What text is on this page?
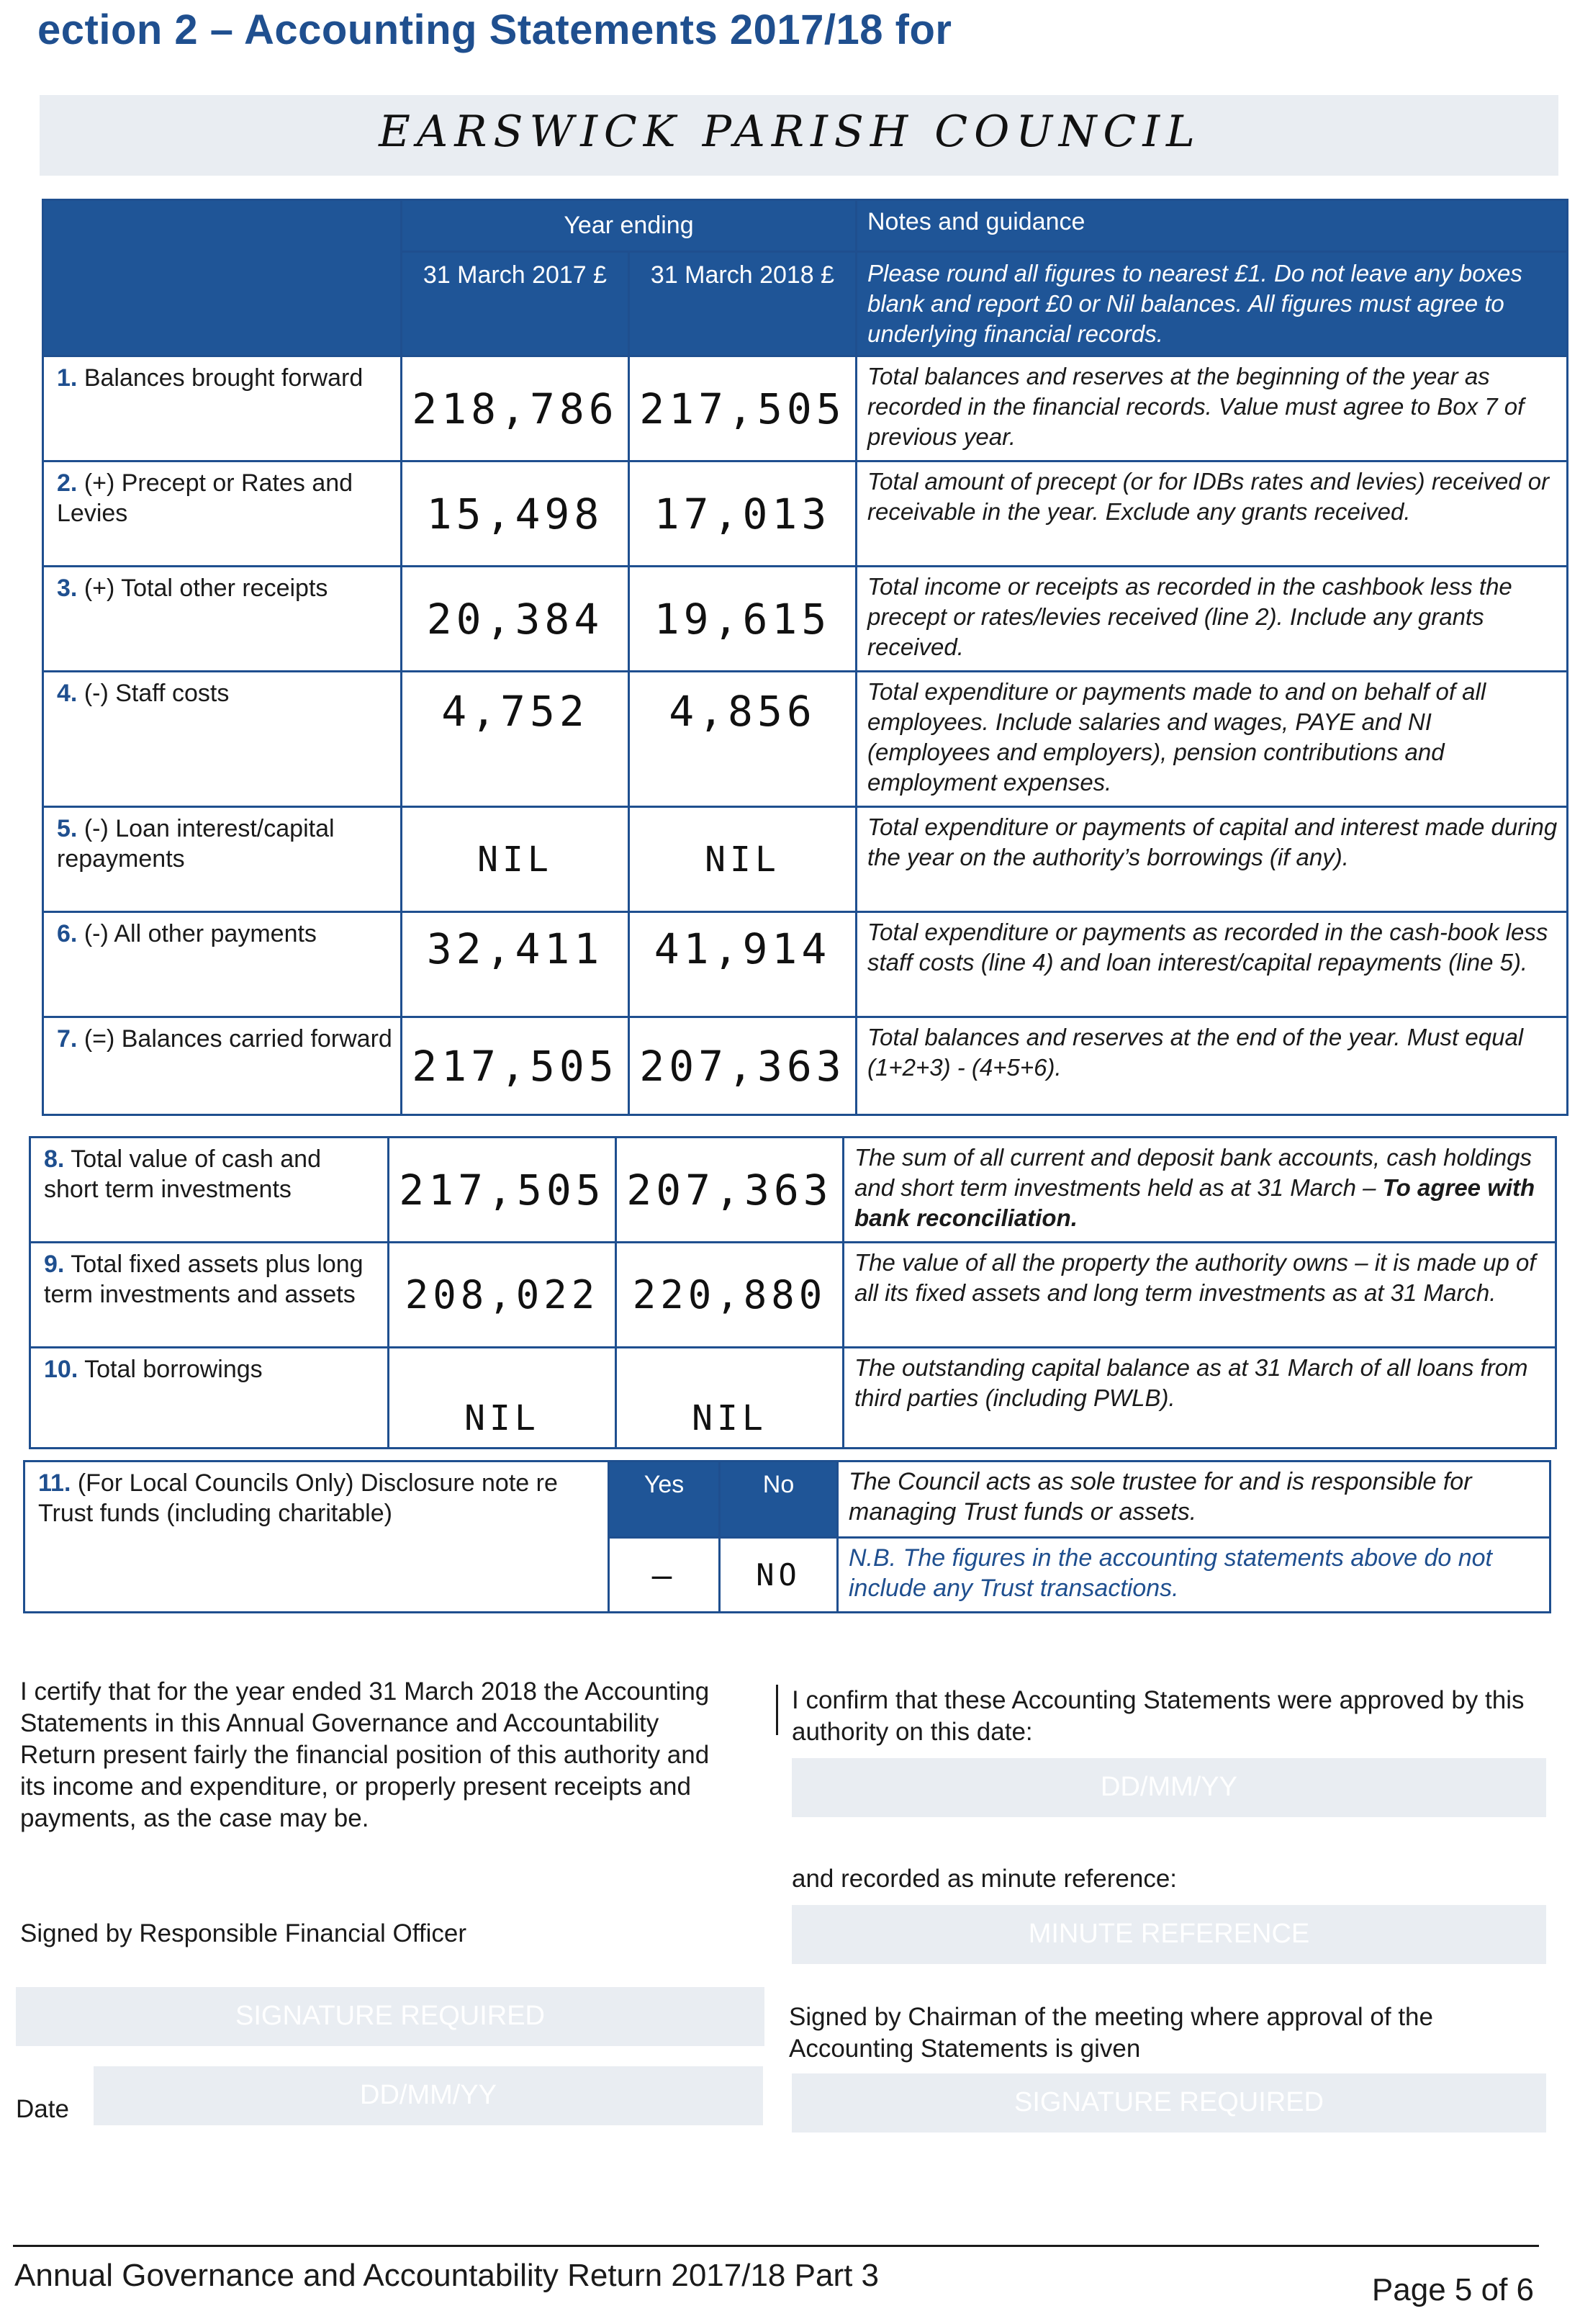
ection 2 – Accounting Statements 2017/18 for
EARSWICK PARISH COUNCIL
	Year ending		Notes and guidance
	31 March 2017 £	31 March 2018 £	Please round all figures to nearest £1. Do not leave any boxes blank and report £0 or Nil balances. All figures must agree to underlying financial records.
1. Balances brought forward	218,786	217,505	Total balances and reserves at the beginning of the year as recorded in the financial records. Value must agree to Box 7 of previous year.
2. (+) Precept or Rates and Levies	15,498	17,013	Total amount of precept (or for IDBs rates and levies) received or receivable in the year. Exclude any grants received.
3. (+) Total other receipts	20,384	19,615	Total income or receipts as recorded in the cashbook less the precept or rates/levies received (line 2). Include any grants received.
4. (-) Staff costs	4,752	4,856	Total expenditure or payments made to and on behalf of all employees. Include salaries and wages, PAYE and NI (employees and employers), pension contributions and employment expenses.
5. (-) Loan interest/capital repayments	NIL	NIL	Total expenditure or payments of capital and interest made during the year on the authority’s borrowings (if any).
6. (-) All other payments	32,411	41,914	Total expenditure or payments as recorded in the cash-book less staff costs (line 4) and loan interest/capital repayments (line 5).
7. (=) Balances carried forward	217,505	207,363	Total balances and reserves at the end of the year. Must equal (1+2+3) - (4+5+6).
8. Total value of cash and short term investments	217,505	207,363	The sum of all current and deposit bank accounts, cash holdings and short term investments held as at 31 March – To agree with bank reconciliation.
9. Total fixed assets plus long term investments and assets	208,022	220,880	The value of all the property the authority owns – it is made up of all its fixed assets and long term investments as at 31 March.
10. Total borrowings	NIL	NIL	The outstanding capital balance as at 31 March of all loans from third parties (including PWLB).
11. (For Local Councils Only) Disclosure note re Trust funds (including charitable)	Yes	No	The Council acts as sole trustee for and is responsible for managing Trust funds or assets.
	—	NO	N.B. The figures in the accounting statements above do not include any Trust transactions.
I certify that for the year ended 31 March 2018 the Accounting Statements in this Annual Governance and Accountability Return present fairly the financial position of this authority and its income and expenditure, or properly present receipts and payments, as the case may be.
Signed by Responsible Financial Officer
SIGNATURE REQUIRED
Date	DD/MM/YY
I confirm that these Accounting Statements were approved by this authority on this date:
DD/MM/YY
and recorded as minute reference:
MINUTE REFERENCE
Signed by Chairman of the meeting where approval of the Accounting Statements is given
SIGNATURE REQUIRED
Annual Governance and Accountability Return 2017/18 Part 3	Page 5 of 6
